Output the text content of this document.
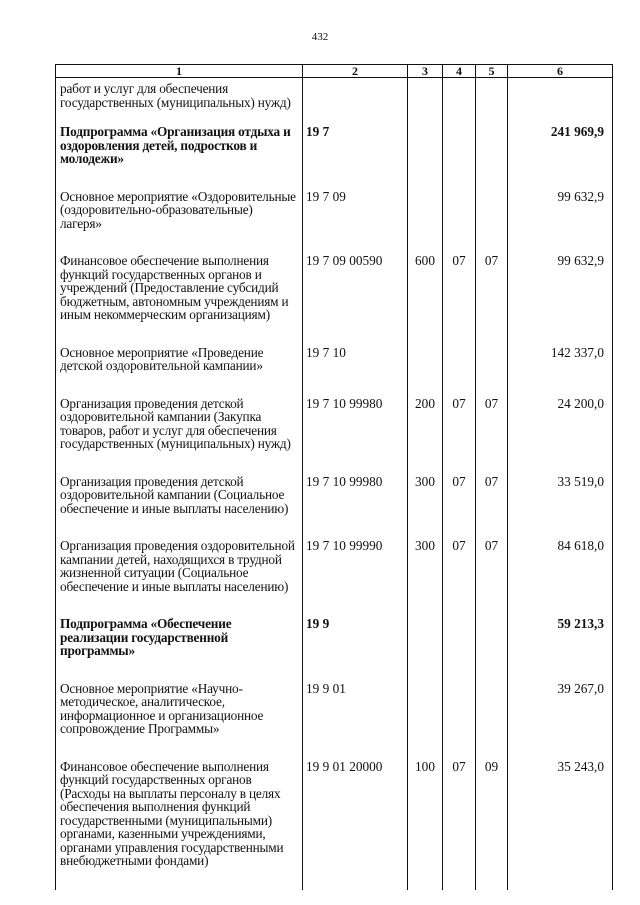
432
1	2	3	4	5	6
работ и услуг для обеспечения государственных (муниципальных) нужд)					
Подпрограмма «Организация отдыха и оздоровления детей, подростков и молодежи»	19 7				241 969,9
Основное мероприятие «Оздоровительные (оздоровительно-образовательные) лагеря»	19 7 09				99 632,9
Финансовое обеспечение выполнения функций государственных органов и учреждений (Предоставление субсидий бюджетным, автономным учреждениям и иным некоммерческим организациям)	19 7 09 00590	600	07	07	99 632,9
Основное мероприятие «Проведение детской оздоровительной кампании»	19 7 10				142 337,0
Организация проведения детской оздоровительной кампании (Закупка товаров, работ и услуг для обеспечения государственных (муниципальных) нужд)	19 7 10 99980	200	07	07	24 200,0
Организация проведения детской оздоровительной кампании (Социальное обеспечение и иные выплаты населению)	19 7 10 99980	300	07	07	33 519,0
Организация проведения оздоровительной кампании детей, находящихся в трудной жизненной ситуации (Социальное обеспечение и иные выплаты населению)	19 7 10 99990	300	07	07	84 618,0
Подпрограмма «Обеспечение реализации государственной программы»	19 9				59 213,3
Основное мероприятие «Научно-методическое, аналитическое, информационное и организационное сопровождение Программы»	19 9 01				39 267,0
Финансовое обеспечение выполнения функций государственных органов (Расходы на выплаты персоналу в целях обеспечения выполнения функций государственными (муниципальными) органами, казенными учреждениями, органами управления государственными внебюджетными фондами)	19 9 01 20000	100	07	09	35 243,0
